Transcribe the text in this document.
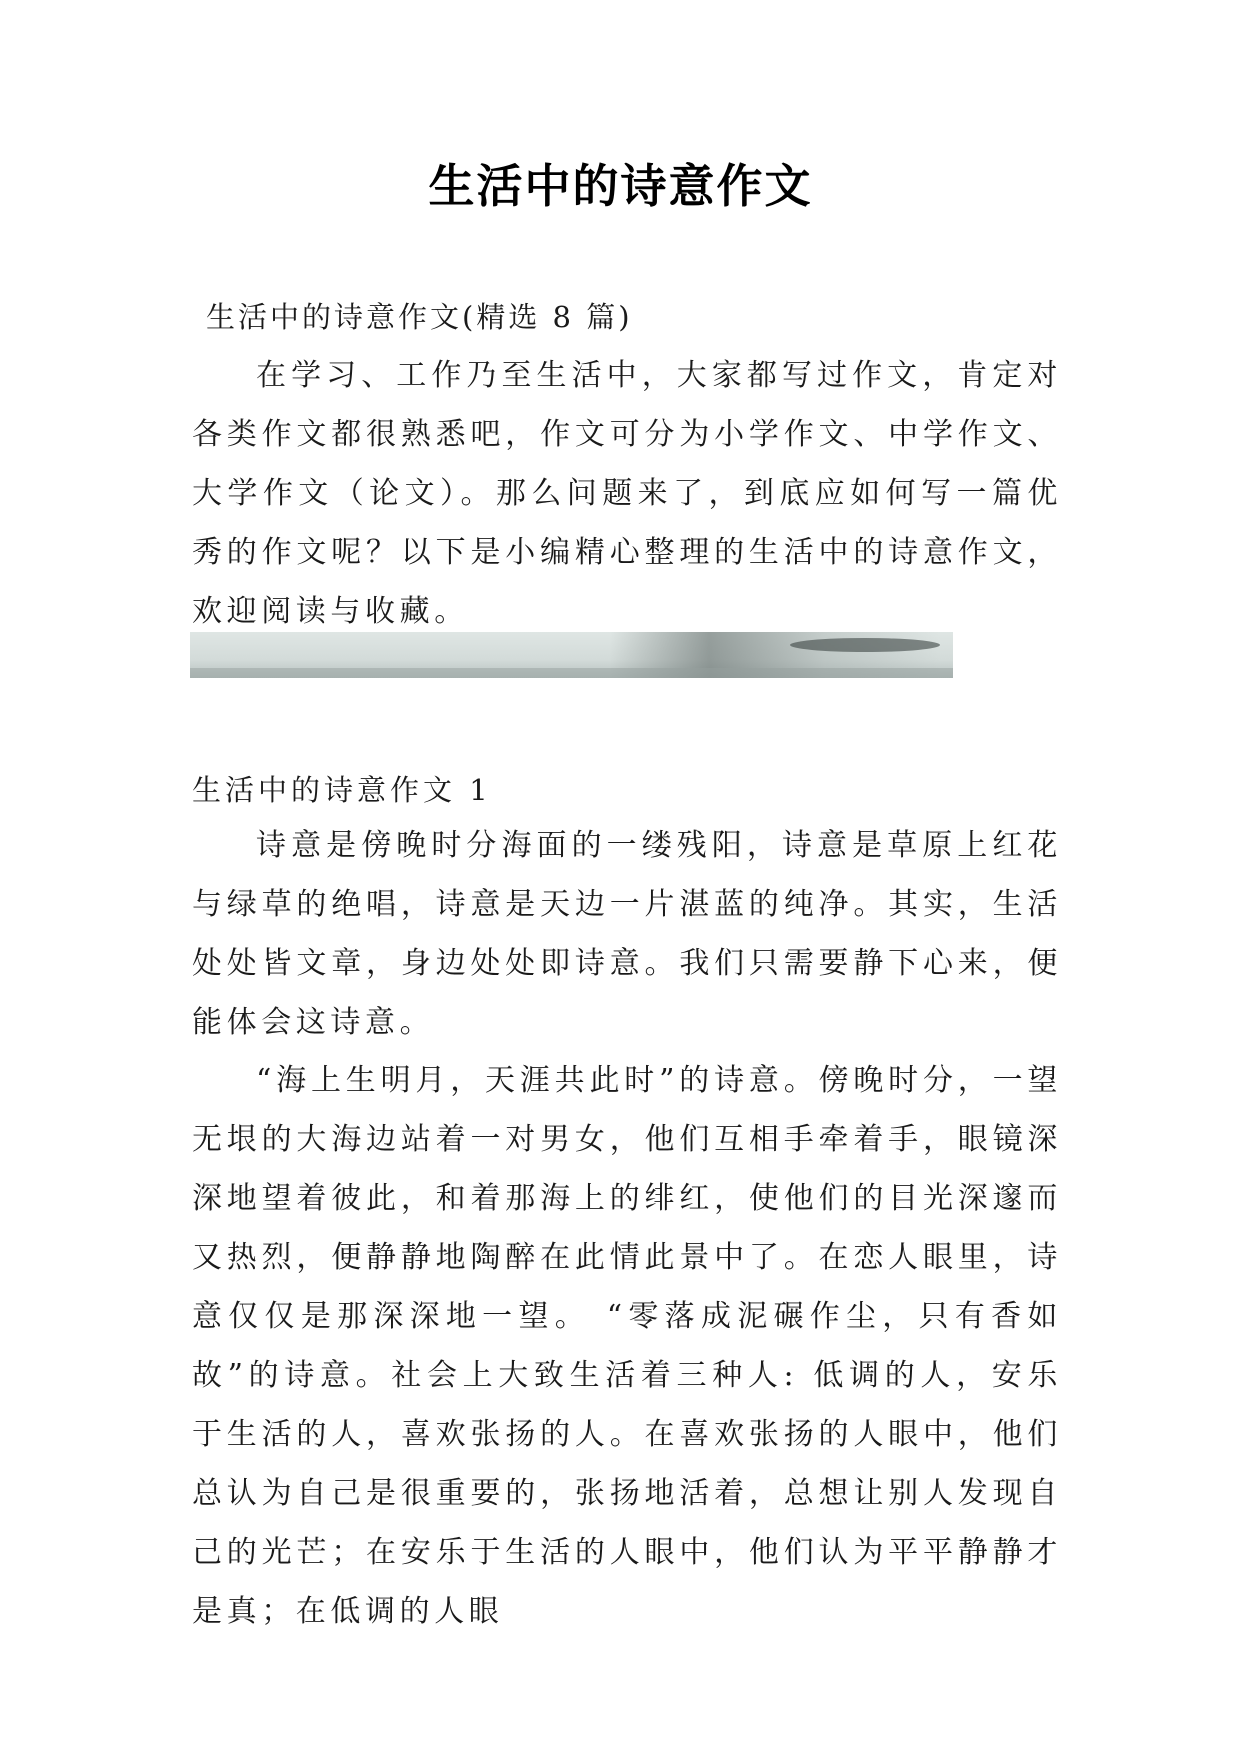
生活中的诗意作文

生活中的诗意作文(精选 8 篇)

在学习、工作乃至生活中，大家都写过作文，肯定对各类作文都很熟悉吧，作文可分为小学作文、中学作文、大学作文（论文）。那么问题来了，到底应如何写一篇优秀的作文呢？以下是小编精心整理的生活中的诗意作文，欢迎阅读与收藏。

生活中的诗意作文 1

诗意是傍晚时分海面的一缕残阳，诗意是草原上红花与绿草的绝唱，诗意是天边一片湛蓝的纯净。其实，生活处处皆文章，身边处处即诗意。我们只需要静下心来，便能体会这诗意。

“海上生明月，天涯共此时”的诗意。傍晚时分，一望无垠的大海边站着一对男女，他们互相手牵着手，眼镜深深地望着彼此，和着那海上的绯红，使他们的目光深邃而又热烈，便静静地陶醉在此情此景中了。在恋人眼里，诗意仅仅是那深深地一望。 “零落成泥碾作尘，只有香如故”的诗意。社会上大致生活着三种人: 低调的人，安乐于生活的人，喜欢张扬的人。在喜欢张扬的人眼中，他们总认为自己是很重要的，张扬地活着，总想让别人发现自己的光芒；在安乐于生活的人眼中，他们认为平平静静才是真；在低调的人眼
